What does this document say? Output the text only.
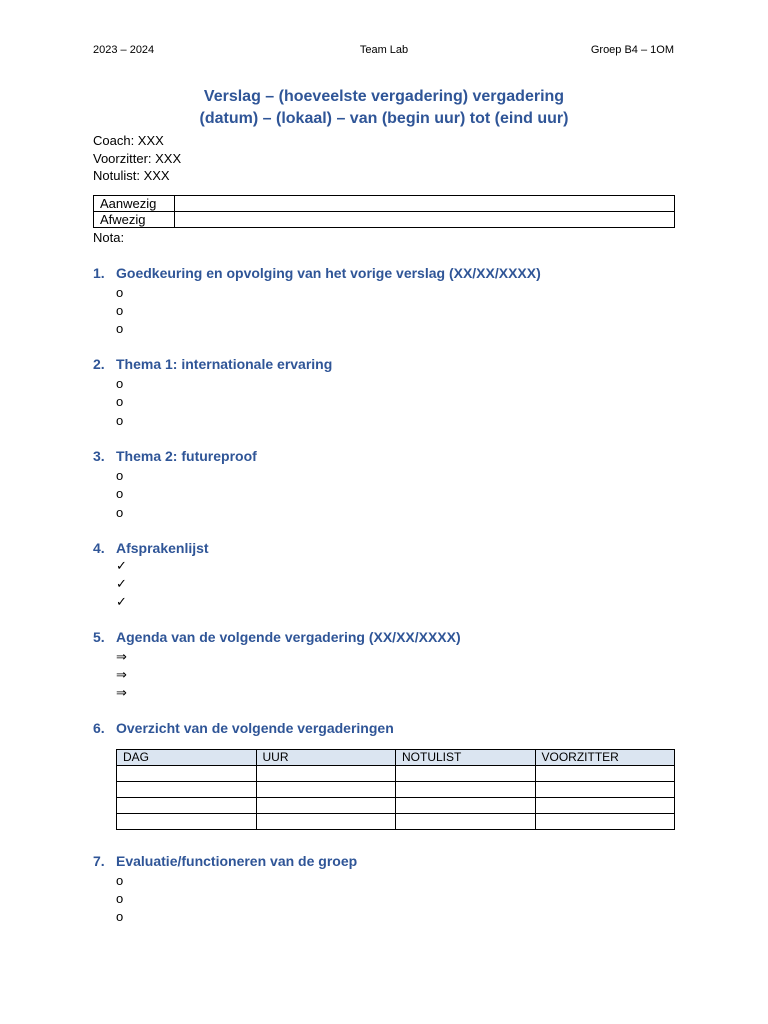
2023 – 2024	Team Lab	Groep B4 – 1OM
Verslag – (hoeveelste vergadering) vergadering
(datum) – (lokaal) – van (begin uur) tot (eind uur)
Coach: XXX
Voorzitter: XXX
Notulist: XXX
Aanwezig	
Afwezig	
Nota:
1. Goedkeuring en opvolging van het vorige verslag (XX/XX/XXXX)
o
o
o
2. Thema 1: internationale ervaring
o
o
o
3. Thema 2: futureproof
o
o
o
4. Afsprakenlijst
✓
✓
✓
5. Agenda van de volgende vergadering (XX/XX/XXXX)
⇒
⇒
⇒
6. Overzicht van de volgende vergaderingen
DAG	UUR	NOTULIST	VOORZITTER

7. Evaluatie/functioneren van de groep
o
o
o
